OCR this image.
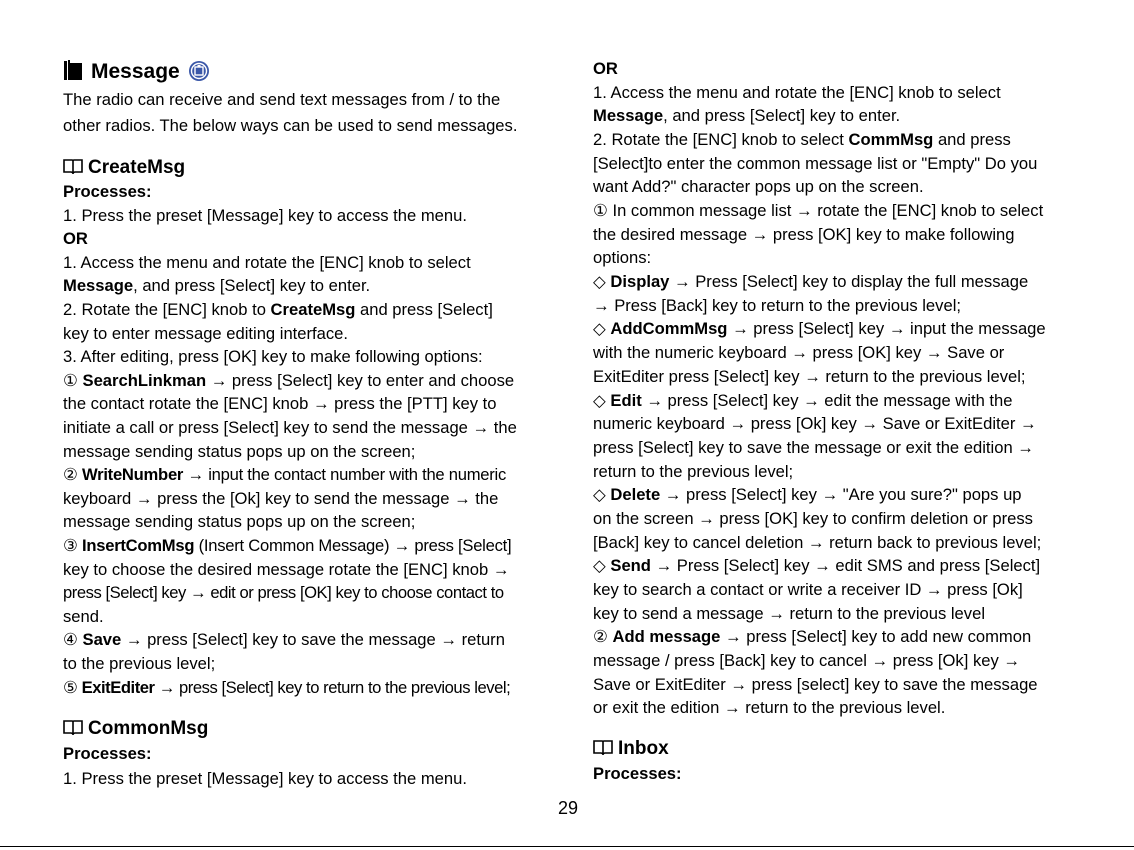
Message
The radio can receive and send text messages from / to the
other radios. The below ways can be used to send messages.
CreateMsg
Processes:
1. Press the preset [Message] key to access the menu.
OR
1. Access the menu and rotate the [ENC] knob to select
Message, and press [Select] key to enter.
2. Rotate the [ENC] knob to CreateMsg and press [Select]
key to enter message editing interface.
3. After editing, press [OK] key to make following options:
① SearchLinkman → press [Select] key to enter and choose
the contact rotate the [ENC] knob → press the [PTT] key to
initiate a call or press [Select] key to send the message → the
message sending status pops up on the screen;
② WriteNumber → input the contact number with the numeric
keyboard → press the [Ok] key to send the message → the
message sending status pops up on the screen;
③ InsertComMsg (Insert Common Message) → press [Select]
key to choose the desired message rotate the [ENC] knob →
press [Select] key → edit or press [OK] key to choose contact to
send.
④ Save → press [Select] key to save the message → return
to the previous level;
⑤ ExitEditer → press [Select] key to return to the previous level;
CommonMsg
Processes:
1. Press the preset [Message] key to access the menu.
OR
1. Access the menu and rotate the [ENC] knob to select
Message, and press [Select] key to enter.
2. Rotate the [ENC] knob to select CommMsg and press
[Select]to enter the common message list or "Empty" Do you
want Add?" character pops up on the screen.
① In common message list → rotate the [ENC] knob to select
the desired message → press [OK] key to make following
options:
◇ Display → Press [Select] key to display the full message
→ Press [Back] key to return to the previous level;
◇ AddCommMsg → press [Select] key → input the message
with the numeric keyboard → press [OK] key → Save or
ExitEditer press [Select] key → return to the previous level;
◇ Edit → press [Select] key → edit the message with the
numeric keyboard → press [Ok] key → Save or ExitEditer →
press [Select] key to save the message or exit the edition →
return to the previous level;
◇ Delete → press [Select] key → "Are you sure?" pops up
on the screen → press [OK] key to confirm deletion or press
[Back] key to cancel deletion → return back to previous level;
◇ Send → Press [Select] key → edit SMS and press [Select]
key to search a contact or write a receiver ID → press [Ok]
key to send a message → return to the previous level
② Add message → press [Select] key to add new common
message / press [Back] key to cancel → press [Ok] key →
Save or ExitEditer → press [select] key to save the message
or exit the edition → return to the previous level.
Inbox
Processes:
29
